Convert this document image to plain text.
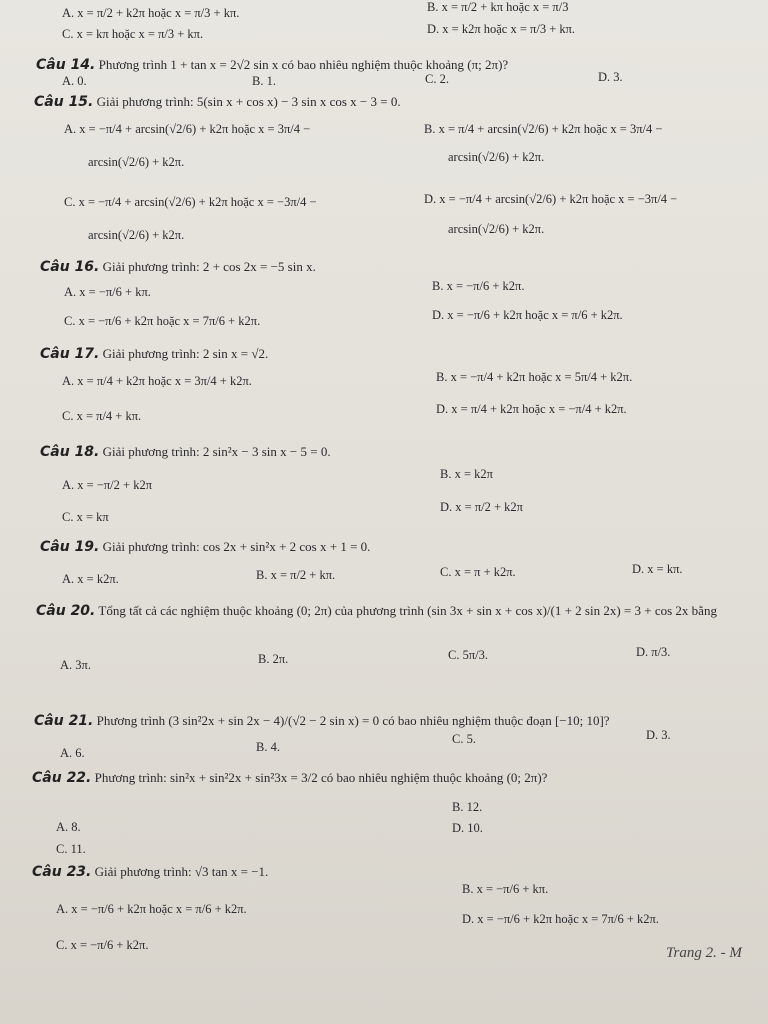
A. x = π/2 + k2π hoặc x = π/3 + kπ.	B. x = π/2 + kπ hoặc x = π/3
C. x = kπ hoặc x = π/3 + kπ.	D. x = k2π hoặc x = π/3 + kπ.
Câu 14. Phương trình 1 + tan x = 2√2 sin x có bao nhiêu nghiệm thuộc khoảng (π; 2π)?
A. 0.	B. 1.	C. 2.	D. 3.
Câu 15. Giải phương trình: 5(sin x + cos x) − 3 sin x cos x − 3 = 0.
A. x = −π/4 + arcsin(√2/6) + k2π hoặc x = 3π/4 −
arcsin(√2/6) + k2π.
B. x = π/4 + arcsin(√2/6) + k2π hoặc x = 3π/4 −
arcsin(√2/6) + k2π.
C. x = −π/4 + arcsin(√2/6) + k2π hoặc x = −3π/4 −
arcsin(√2/6) + k2π.
D. x = −π/4 + arcsin(√2/6) + k2π hoặc x = −3π/4 −
arcsin(√2/6) + k2π.
Câu 16. Giải phương trình: 2 + cos 2x = −5 sin x.
A. x = −π/6 + kπ.	B. x = −π/6 + k2π.
C. x = −π/6 + k2π hoặc x = 7π/6 + k2π.	D. x = −π/6 + k2π hoặc x = π/6 + k2π.
Câu 17. Giải phương trình: 2 sin x = √2.
A. x = π/4 + k2π hoặc x = 3π/4 + k2π.	B. x = −π/4 + k2π hoặc x = 5π/4 + k2π.
C. x = π/4 + kπ.	D. x = π/4 + k2π hoặc x = −π/4 + k2π.
Câu 18. Giải phương trình: 2 sin²x − 3 sin x − 5 = 0.
A. x = −π/2 + k2π
B. x = k2π
C. x = kπ
D. x = π/2 + k2π
Câu 19. Giải phương trình: cos 2x + sin²x + 2 cos x + 1 = 0.
A. x = k2π.	B. x = π/2 + kπ.	C. x = π + k2π.	D. x = kπ.
Câu 20. Tổng tất cả các nghiệm thuộc khoảng (0; 2π) của phương trình (sin 3x + sin x + cos x)/(1 + 2 sin 2x) = 3 + cos 2x bằng
A. 3π.	B. 2π.	C. 5π/3.	D. π/3.
Câu 21. Phương trình (3 sin²2x + sin 2x − 4)/(√2 − 2 sin x) = 0 có bao nhiêu nghiệm thuộc đoạn [−10; 10]?
A. 6.	B. 4.
C. 5.	D. 3.
Câu 22. Phương trình: sin²x + sin²2x + sin²3x = 3/2 có bao nhiêu nghiệm thuộc khoảng (0; 2π)?
A. 8.
B. 12.
C. 11.
D. 10.
Câu 23. Giải phương trình: √3 tan x = −1.
A. x = −π/6 + k2π hoặc x = π/6 + k2π.
B. x = −π/6 + kπ.
C. x = −π/6 + k2π.
D. x = −π/6 + k2π hoặc x = 7π/6 + k2π.
Trang 2. - M
